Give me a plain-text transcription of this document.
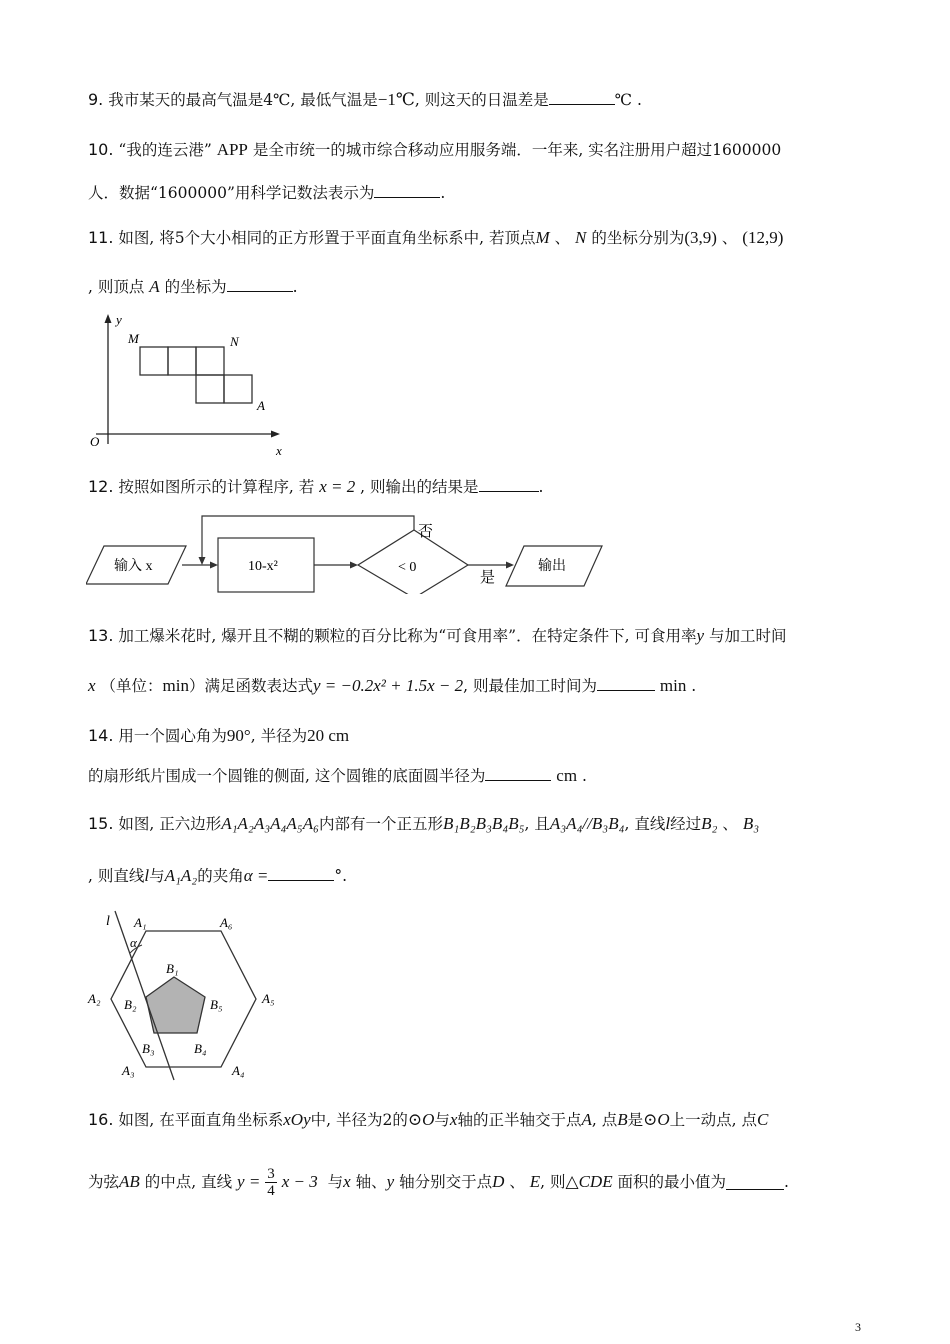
9. 我市某天的最高气温是4℃, 最低气温是−1℃, 则这天的日温差是	℃ .
10. “我的连云港” APP 是全市统一的城市综合移动应用服务端．一年来, 实名注册用户超过1600000
人．数据“1600000”用科学记数法表示为	.
11. 如图, 将5个大小相同的正方形置于平面直角坐标系中, 若顶点M 、 N 的坐标分别为(3,9) 、 (12,9)
, 则顶点 A 的坐标为	.
y
x
O
M	N
A
12. 按照如图所示的计算程序, 若 x = 2 , 则输出的结果是	.
输入 x	10-x²	< 0
否
是
输出
13. 加工爆米花时, 爆开且不糊的颗粒的百分比称为“可食用率”．在特定条件下, 可食用率y 与加工时间
x （单位：min）满足函数表达式y = −0.2x² + 1.5x − 2, 则最佳加工时间为	min .
14. 用一个圆心角为90°, 半径为20 cm
的扇形纸片围成一个圆锥的侧面, 这个圆锥的底面圆半径为	cm .
15. 如图, 正六边形A₁A₂A₃A₄A₅A₆内部有一个正五形B₁B₂B₃B₄B₅, 且A₃A₄//B₃B₄, 直线l经过B₂ 、 B₃
, 则直线l与A₁A₂的夹角α =	°.
l
α
A₁
A₂
A₃	A₄
A₅
A₆
B₁
B₂
B₃	B₄
B₅
16. 如图, 在平面直角坐标系xOy中, 半径为2的⊙O与x轴的正半轴交于点A, 点B是⊙O上一动点, 点C
为弦 AB
的中点, 直线
y =
$\frac{3}{4}$
x − 3
与 x
轴、 y
轴分别交于点 D
、
E , 则 △CDE
面积的最小值为	.
3
